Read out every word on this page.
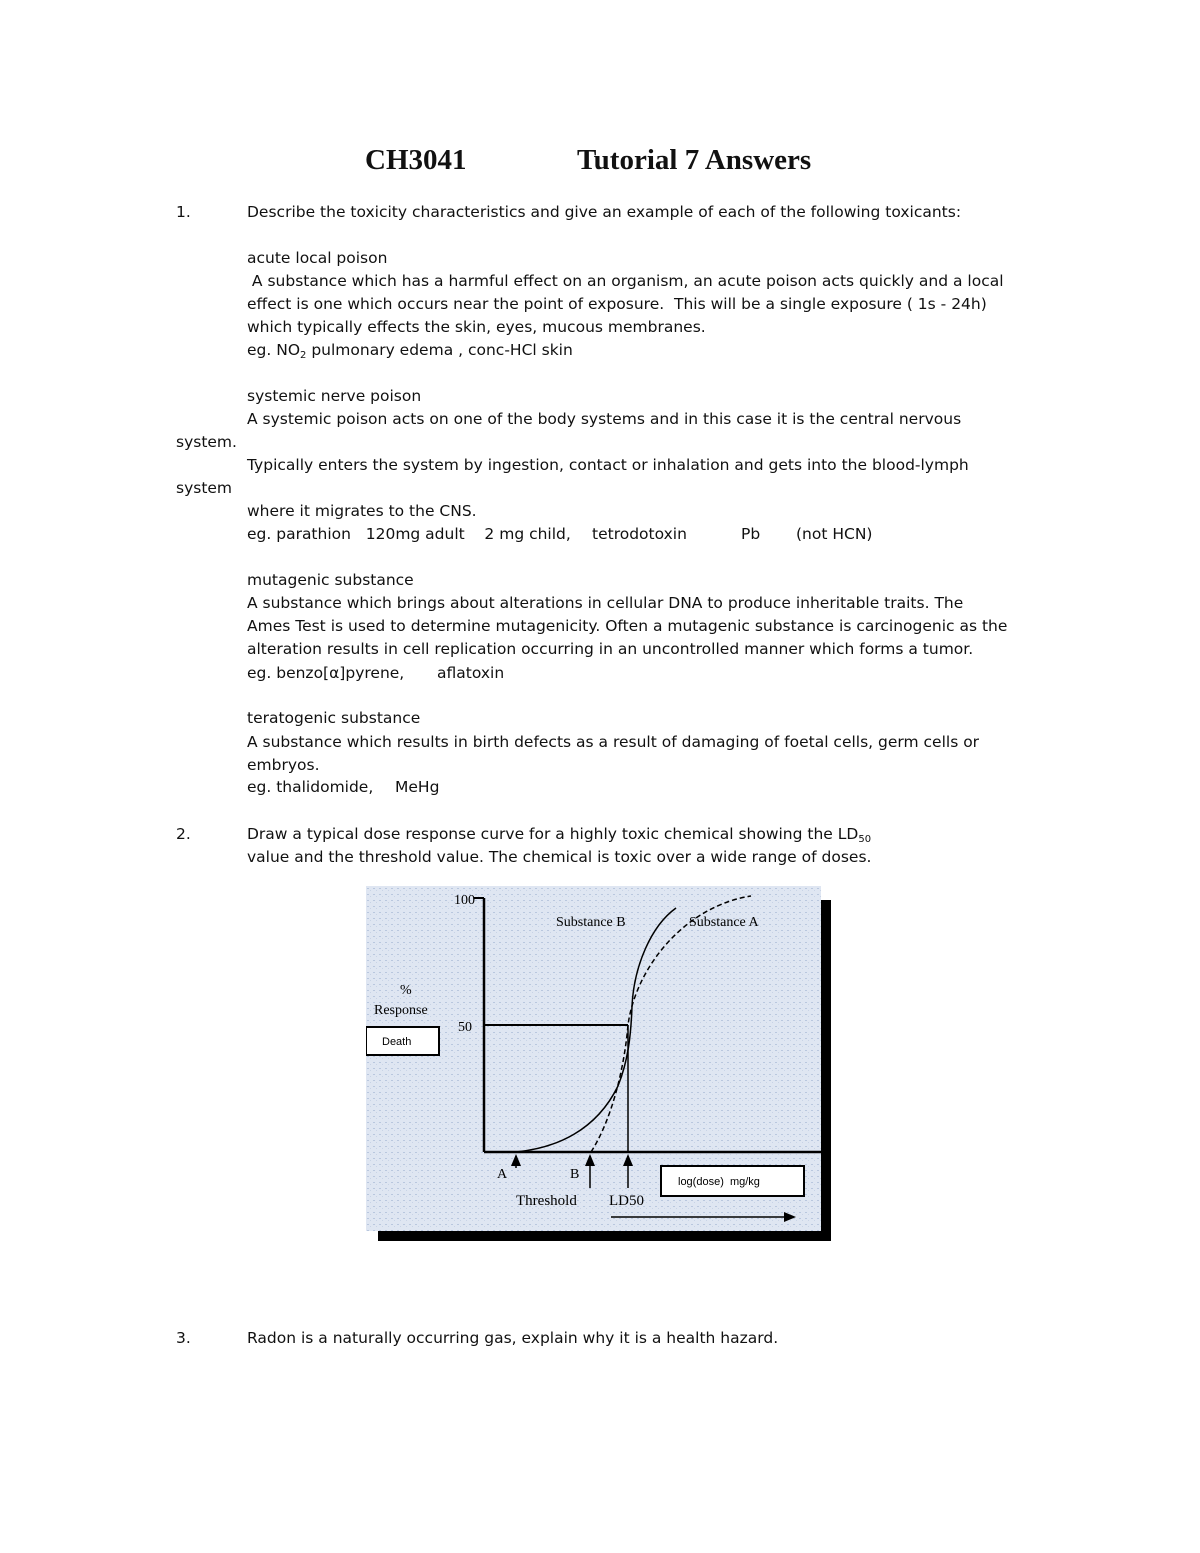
CH3041	Tutorial 7 Answers
1.	Describe the toxicity characteristics and give an example of each of the following toxicants:
acute local poison
A substance which has a harmful effect on an organism, an acute poison acts quickly and a local
effect is one which occurs near the point of exposure.  This will be a single exposure ( 1s - 24h)
which typically effects the skin, eyes, mucous membranes.
eg. $NO_2$ pulmonary edema , conc-HCl skin
systemic nerve poison
A systemic poison acts on one of the body systems and in this case it is the central nervous
system.
Typically enters the system by ingestion, contact or inhalation and gets into the blood-lymph
system
where it migrates to the CNS.
eg. parathion   120mg adult    2 mg child, tetrodotoxin	Pb (not HCN)
mutagenic substance
A substance which brings about alterations in cellular DNA to produce inheritable traits. The
Ames Test is used to determine mutagenicity. Often a mutagenic substance is carcinogenic as the
alteration results in cell replication occurring in an uncontrolled manner which forms a tumor.
eg. benzo[α]pyrene, aflatoxin
teratogenic substance
A substance which results in birth defects as a result of damaging of foetal cells, germ cells or
embryos.
eg. thalidomide, MeHg
2.	Draw a typical dose response curve for a highly toxic chemical showing the $LD_{50}$
value and the threshold value. The chemical is toxic over a wide range of doses.
100
50
%
Response
Substance B	Substance A
A	B
Threshold LD50
Death
log(dose)  mg/kg
3.	Radon is a naturally occurring gas, explain why it is a health hazard.
